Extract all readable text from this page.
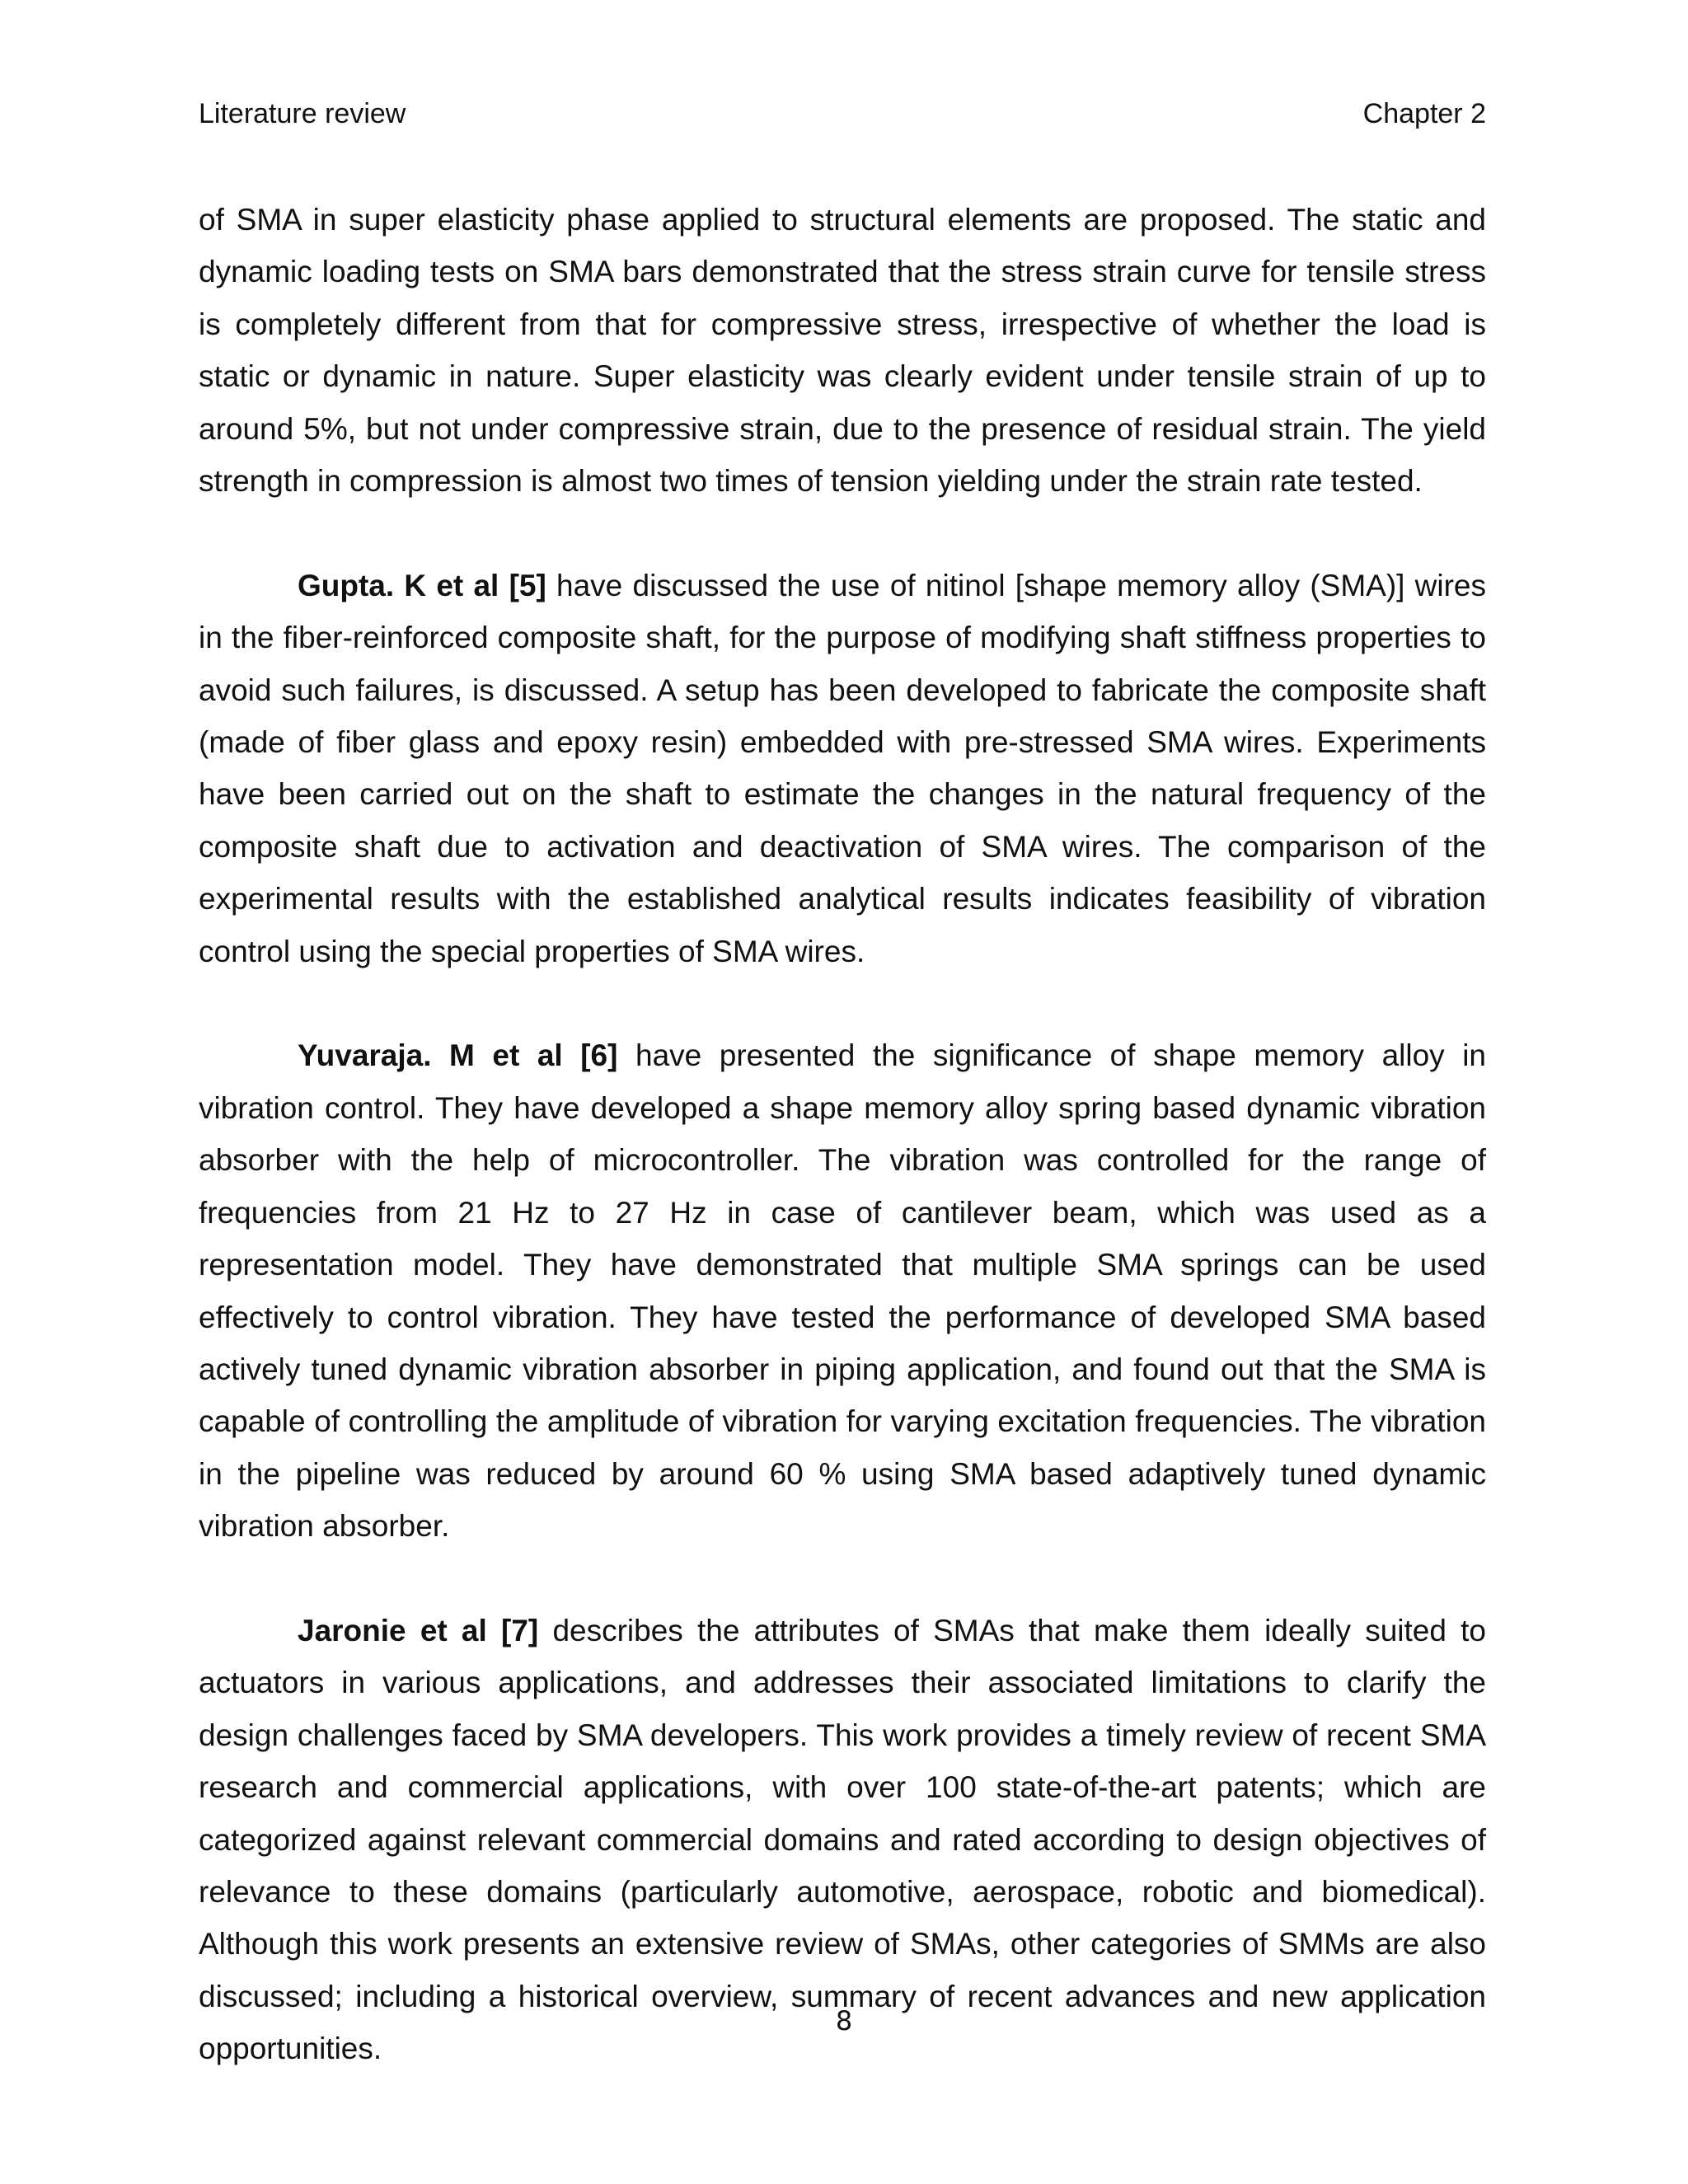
Literature review	Chapter 2

of SMA in super elasticity phase applied to structural elements are proposed. The static and dynamic loading tests on SMA bars demonstrated that the stress strain curve for tensile stress is completely different from that for compressive stress, irrespective of whether the load is static or dynamic in nature. Super elasticity was clearly evident under tensile strain of up to around 5%, but not under compressive strain, due to the presence of residual strain. The yield strength in compression is almost two times of tension yielding under the strain rate tested.

Gupta. K et al [5] have discussed the use of nitinol [shape memory alloy (SMA)] wires in the fiber-reinforced composite shaft, for the purpose of modifying shaft stiffness properties to avoid such failures, is discussed. A setup has been developed to fabricate the composite shaft (made of fiber glass and epoxy resin) embedded with pre-stressed SMA wires. Experiments have been carried out on the shaft to estimate the changes in the natural frequency of the composite shaft due to activation and deactivation of SMA wires. The comparison of the experimental results with the established analytical results indicates feasibility of vibration control using the special properties of SMA wires.

Yuvaraja. M et al [6] have presented the significance of shape memory alloy in vibration control. They have developed a shape memory alloy spring based dynamic vibration absorber with the help of microcontroller. The vibration was controlled for the range of frequencies from 21 Hz to 27 Hz in case of cantilever beam, which was used as a representation model. They have demonstrated that multiple SMA springs can be used effectively to control vibration. They have tested the performance of developed SMA based actively tuned dynamic vibration absorber in piping application, and found out that the SMA is capable of controlling the amplitude of vibration for varying excitation frequencies. The vibration in the pipeline was reduced by around 60 % using SMA based adaptively tuned dynamic vibration absorber.

Jaronie et al [7] describes the attributes of SMAs that make them ideally suited to actuators in various applications, and addresses their associated limitations to clarify the design challenges faced by SMA developers. This work provides a timely review of recent SMA research and commercial applications, with over 100 state-of-the-art patents; which are categorized against relevant commercial domains and rated according to design objectives of relevance to these domains (particularly automotive, aerospace, robotic and biomedical). Although this work presents an extensive review of SMAs, other categories of SMMs are also discussed; including a historical overview, summary of recent advances and new application opportunities.

8
